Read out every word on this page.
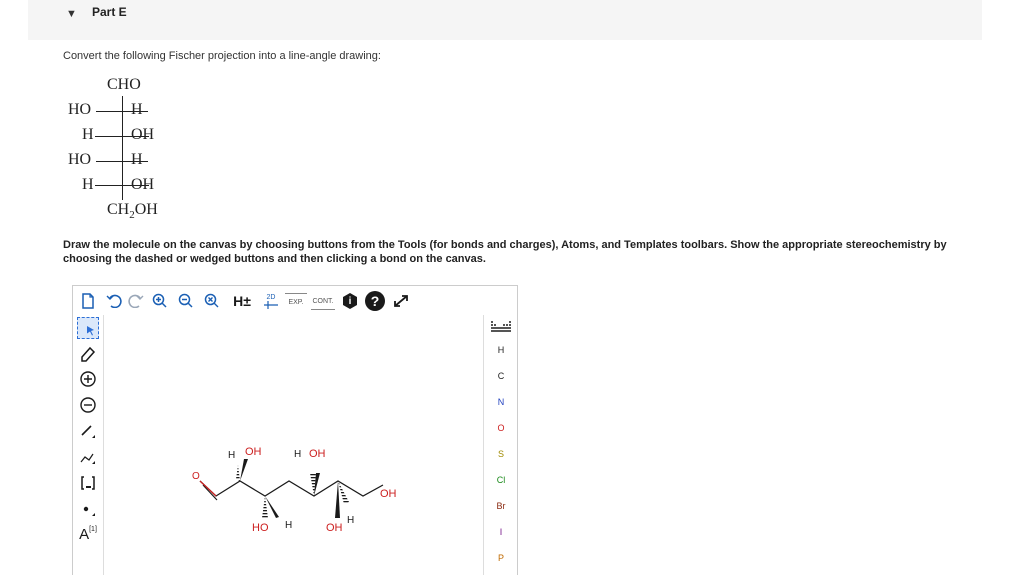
▼ Part E
Convert the following Fischer projection into a line-angle drawing:
CHO
HO H
H OH
HO H
H OH
$CH_2OH$
Draw the molecule on the canvas by choosing buttons from the Tools (for bonds and charges), Atoms, and Templates toolbars. Show the appropriate stereochemistry by choosing the dashed or wedged buttons and then clicking a bond on the canvas.
H±	2D
EXP.	CONT. i	?
A[1]
O
H OH
HO H
H OH
OH
H
OH
H
C
N
O
S
Cl
Br
I
P
